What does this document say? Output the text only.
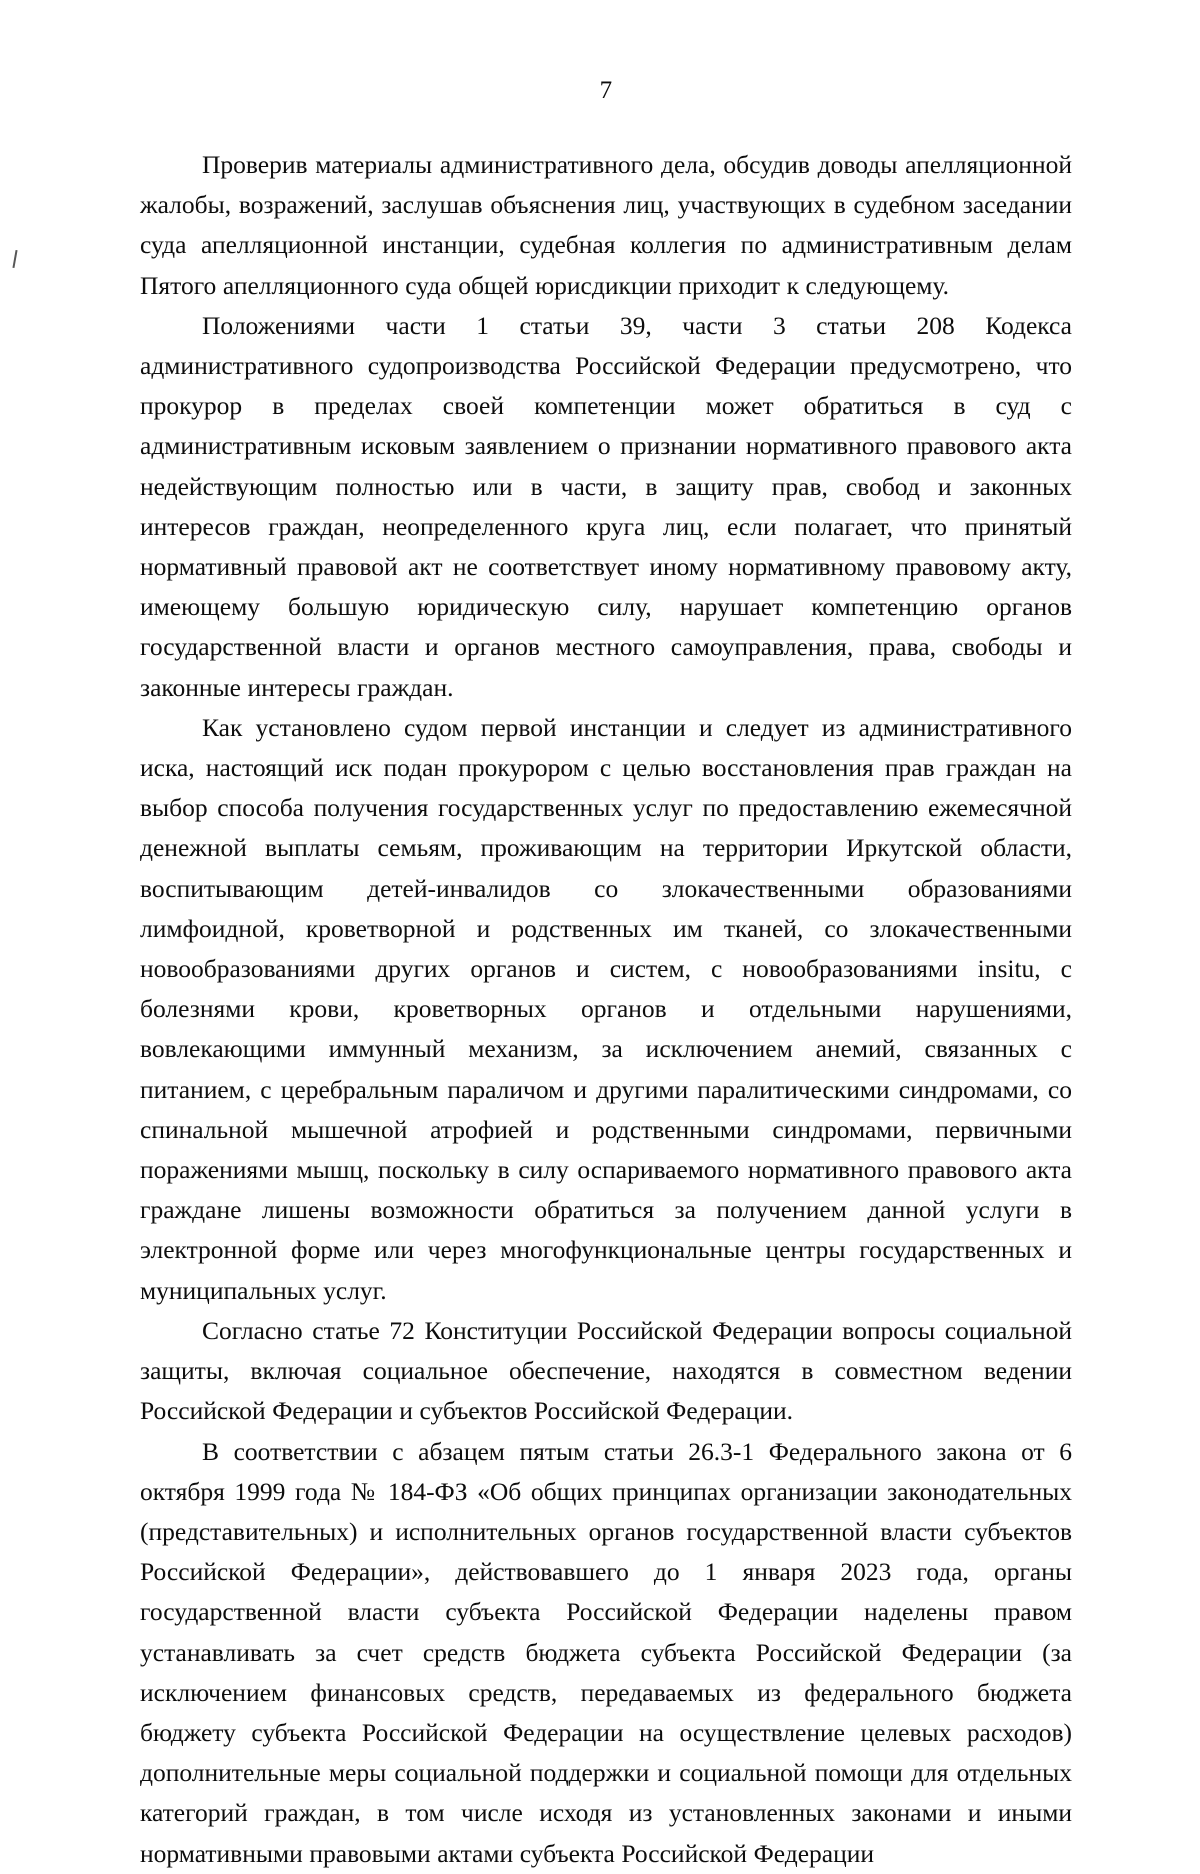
7

Проверив материалы административного дела, обсудив доводы апелляционной жалобы, возражений, заслушав объяснения лиц, участвующих в судебном заседании суда апелляционной инстанции, судебная коллегия по административным делам Пятого апелляционного суда общей юрисдикции приходит к следующему.

Положениями части 1 статьи 39, части 3 статьи 208 Кодекса административного судопроизводства Российской Федерации предусмотрено, что прокурор в пределах своей компетенции может обратиться в суд с административным исковым заявлением о признании нормативного правового акта недействующим полностью или в части, в защиту прав, свобод и законных интересов граждан, неопределенного круга лиц, если полагает, что принятый нормативный правовой акт не соответствует иному нормативному правовому акту, имеющему большую юридическую силу, нарушает компетенцию органов государственной власти и органов местного самоуправления, права, свободы и законные интересы граждан.

Как установлено судом первой инстанции и следует из административного иска, настоящий иск подан прокурором с целью восстановления прав граждан на выбор способа получения государственных услуг по предоставлению ежемесячной денежной выплаты семьям, проживающим на территории Иркутской области, воспитывающим детей-инвалидов со злокачественными образованиями лимфоидной, кроветворной и родственных им тканей, со злокачественными новообразованиями других органов и систем, с новообразованиями insitu, с болезнями крови, кроветворных органов и отдельными нарушениями, вовлекающими иммунный механизм, за исключением анемий, связанных с питанием, с церебральным параличом и другими паралитическими синдромами, со спинальной мышечной атрофией и родственными синдромами, первичными поражениями мышц, поскольку в силу оспариваемого нормативного правового акта граждане лишены возможности обратиться за получением данной услуги в электронной форме или через многофункциональные центры государственных и муниципальных услуг.

Согласно статье 72 Конституции Российской Федерации вопросы социальной защиты, включая социальное обеспечение, находятся в совместном ведении Российской Федерации и субъектов Российской Федерации.

В соответствии с абзацем пятым статьи 26.3-1 Федерального закона от 6 октября 1999 года № 184-ФЗ «Об общих принципах организации законодательных (представительных) и исполнительных органов государственной власти субъектов Российской Федерации», действовавшего до 1 января 2023 года, органы государственной власти субъекта Российской Федерации наделены правом устанавливать за счет средств бюджета субъекта Российской Федерации (за исключением финансовых средств, передаваемых из федерального бюджета бюджету субъекта Российской Федерации на осуществление целевых расходов) дополнительные меры социальной поддержки и социальной помощи для отдельных категорий граждан, в том числе исходя из установленных законами и иными нормативными правовыми актами субъекта Российской Федерации
